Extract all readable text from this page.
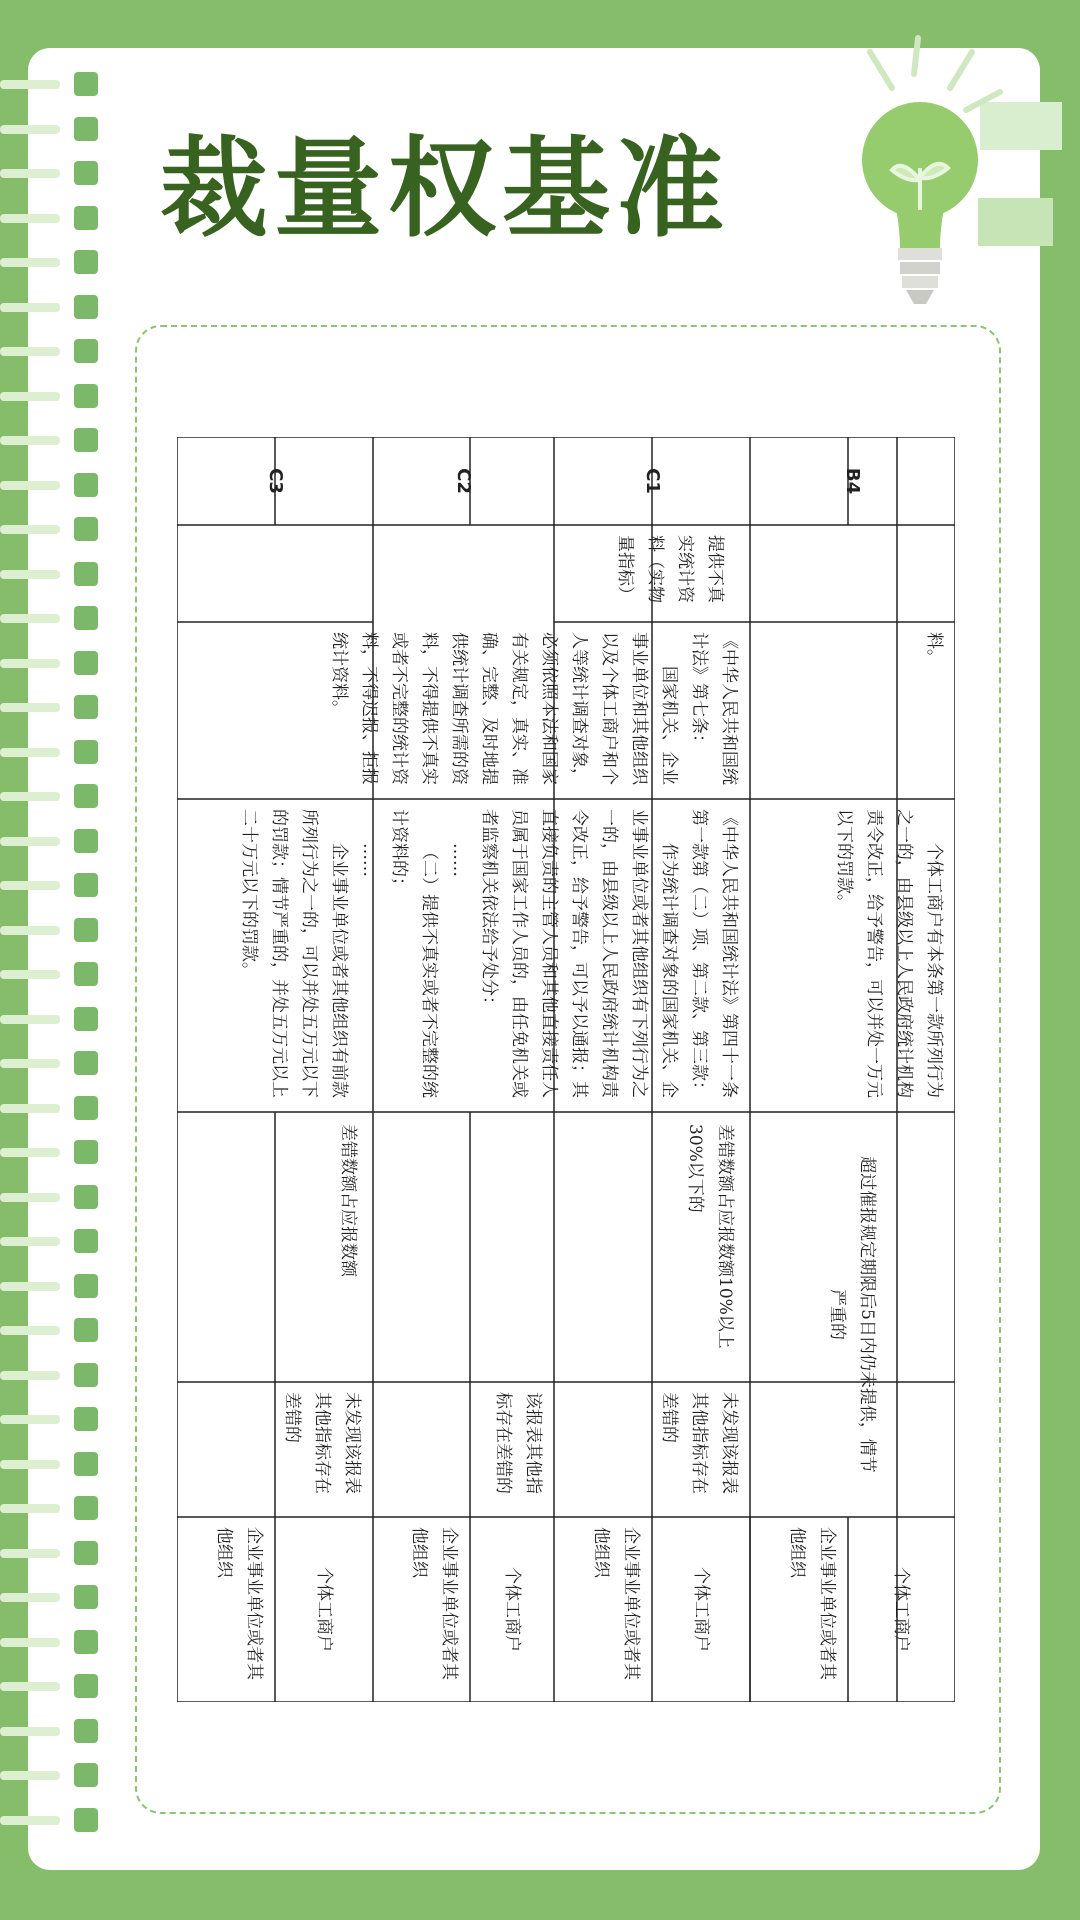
裁量权基准
B4
C1
C2
C3
提供不真实统计资料（实物量指标）
料。

《中华人民共和国统计法》第七条：

国家机关、企业事业单位和其他组织以及个体工商户和个人等统计调查对象，必须依照本法和国家有关规定，真实、准确、完整、及时地提供统计调查所需的资料，不得提供不真实或者不完整的统计资料，不得迟报、拒报统计资料。

个体工商户有本条第一款所列行为之一的，由县级以上人民政府统计机构责令改正，给予警告，可以并处一万元以下的罚款。

《中华人民共和国统计法》第四十一条第一款第（二）项、第二款、第三款：

作为统计调查对象的国家机关、企业事业单位或者其他组织有下列行为之一的，由县级以上人民政府统计机构责令改正，给予警告，可以予以通报；其直接负责的主管人员和其他直接责任人员属于国家工作人员的，由任免机关或者监察机关依法给予处分：

……

（二）提供不真实或者不完整的统计资料的；

……

企业事业单位或者其他组织有前款所列行为之一的，可以并处五万元以下的罚款；情节严重的，并处五万元以上二十万元以下的罚款。

超过催报规定期限后5日内仍未提供，情节严重的
差错数额占应报数额10%以上30%以下的
差错数额占应报数额
未发现该报表其他指标存在差错的
该报表其他指标存在差错的
未发现该报表其他指标存在差错的
个体工商户
企业事业单位或者其他组织
个体工商户
企业事业单位或者其他组织
个体工商户
企业事业单位或者其他组织
个体工商户
企业事业单位或者其他组织
